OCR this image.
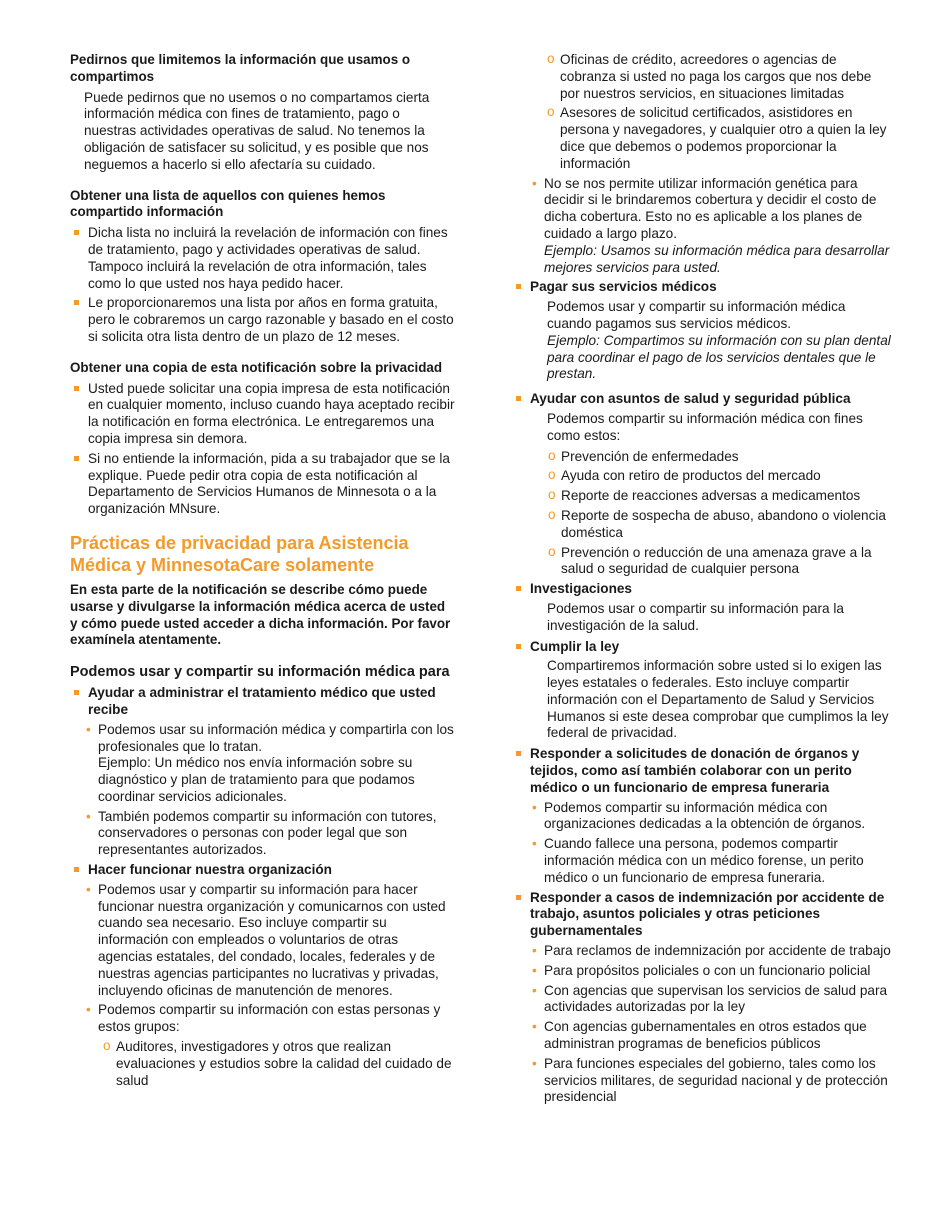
Pedirnos que limitemos la información que usamos o compartimos

Puede pedirnos que no usemos o no compartamos cierta información médica con fines de tratamiento, pago o nuestras actividades operativas de salud. No tenemos la obligación de satisfacer su solicitud, y es posible que nos neguemos a hacerlo si ello afectaría su cuidado.

Obtener una lista de aquellos con quienes hemos compartido información

Dicha lista no incluirá la revelación de información con fines de tratamiento, pago y actividades operativas de salud. Tampoco incluirá la revelación de otra información, tales como lo que usted nos haya pedido hacer.

Le proporcionaremos una lista por años en forma gratuita, pero le cobraremos un cargo razonable y basado en el costo si solicita otra lista dentro de un plazo de 12 meses.

Obtener una copia de esta notificación sobre la privacidad

Usted puede solicitar una copia impresa de esta notificación en cualquier momento, incluso cuando haya aceptado recibir la notificación en forma electrónica. Le entregaremos una copia impresa sin demora.

Si no entiende la información, pida a su trabajador que se la explique. Puede pedir otra copia de esta notificación al Departamento de Servicios Humanos de Minnesota o a la organización MNsure.

Prácticas de privacidad para Asistencia Médica y MinnesotaCare solamente

En esta parte de la notificación se describe cómo puede usarse y divulgarse la información médica acerca de usted y cómo puede usted acceder a dicha información. Por favor examínela atentamente.

Podemos usar y compartir su información médica para

Ayudar a administrar el tratamiento médico que usted recibe

• Podemos usar su información médica y compartirla con los profesionales que lo tratan.

Ejemplo: Un médico nos envía información sobre su diagnóstico y plan de tratamiento para que podamos coordinar servicios adicionales.

• También podemos compartir su información con tutores, conservadores o personas con poder legal que son representantes autorizados.

Hacer funcionar nuestra organización

• Podemos usar y compartir su información para hacer funcionar nuestra organización y comunicarnos con usted cuando sea necesario. Eso incluye compartir su información con empleados o voluntarios de otras agencias estatales, del condado, locales, federales y de nuestras agencias participantes no lucrativas y privadas, incluyendo oficinas de manutención de menores.

• Podemos compartir su información con estas personas y estos grupos:

o Auditores, investigadores y otros que realizan evaluaciones y estudios sobre la calidad del cuidado de salud

o Oficinas de crédito, acreedores o agencias de cobranza si usted no paga los cargos que nos debe por nuestros servicios, en situaciones limitadas

o Asesores de solicitud certificados, asistidores en persona y navegadores, y cualquier otro a quien la ley dice que debemos o podemos proporcionar la información

• No se nos permite utilizar información genética para decidir si le brindaremos cobertura y decidir el costo de dicha cobertura. Esto no es aplicable a los planes de cuidado a largo plazo.

Ejemplo: Usamos su información médica para desarrollar mejores servicios para usted.

Pagar sus servicios médicos

Podemos usar y compartir su información médica cuando pagamos sus servicios médicos.

Ejemplo: Compartimos su información con su plan dental para coordinar el pago de los servicios dentales que le prestan.

Ayudar con asuntos de salud y seguridad pública

Podemos compartir su información médica con fines como estos:

o Prevención de enfermedades

o Ayuda con retiro de productos del mercado

o Reporte de reacciones adversas a medicamentos

o Reporte de sospecha de abuso, abandono o violencia doméstica

o Prevención o reducción de una amenaza grave a la salud o seguridad de cualquier persona

Investigaciones

Podemos usar o compartir su información para la investigación de la salud.

Cumplir la ley

Compartiremos información sobre usted si lo exigen las leyes estatales o federales. Esto incluye compartir información con el Departamento de Salud y Servicios Humanos si este desea comprobar que cumplimos la ley federal de privacidad.

Responder a solicitudes de donación de órganos y tejidos, como así también colaborar con un perito médico o un funcionario de empresa funeraria

• Podemos compartir su información médica con organizaciones dedicadas a la obtención de órganos.

• Cuando fallece una persona, podemos compartir información médica con un médico forense, un perito médico o un funcionario de empresa funeraria.

Responder a casos de indemnización por accidente de trabajo, asuntos policiales y otras peticiones gubernamentales

• Para reclamos de indemnización por accidente de trabajo

• Para propósitos policiales o con un funcionario policial

• Con agencias que supervisan los servicios de salud para actividades autorizadas por la ley

• Con agencias gubernamentales en otros estados que administran programas de beneficios públicos

• Para funciones especiales del gobierno, tales como los servicios militares, de seguridad nacional y de protección presidencial
